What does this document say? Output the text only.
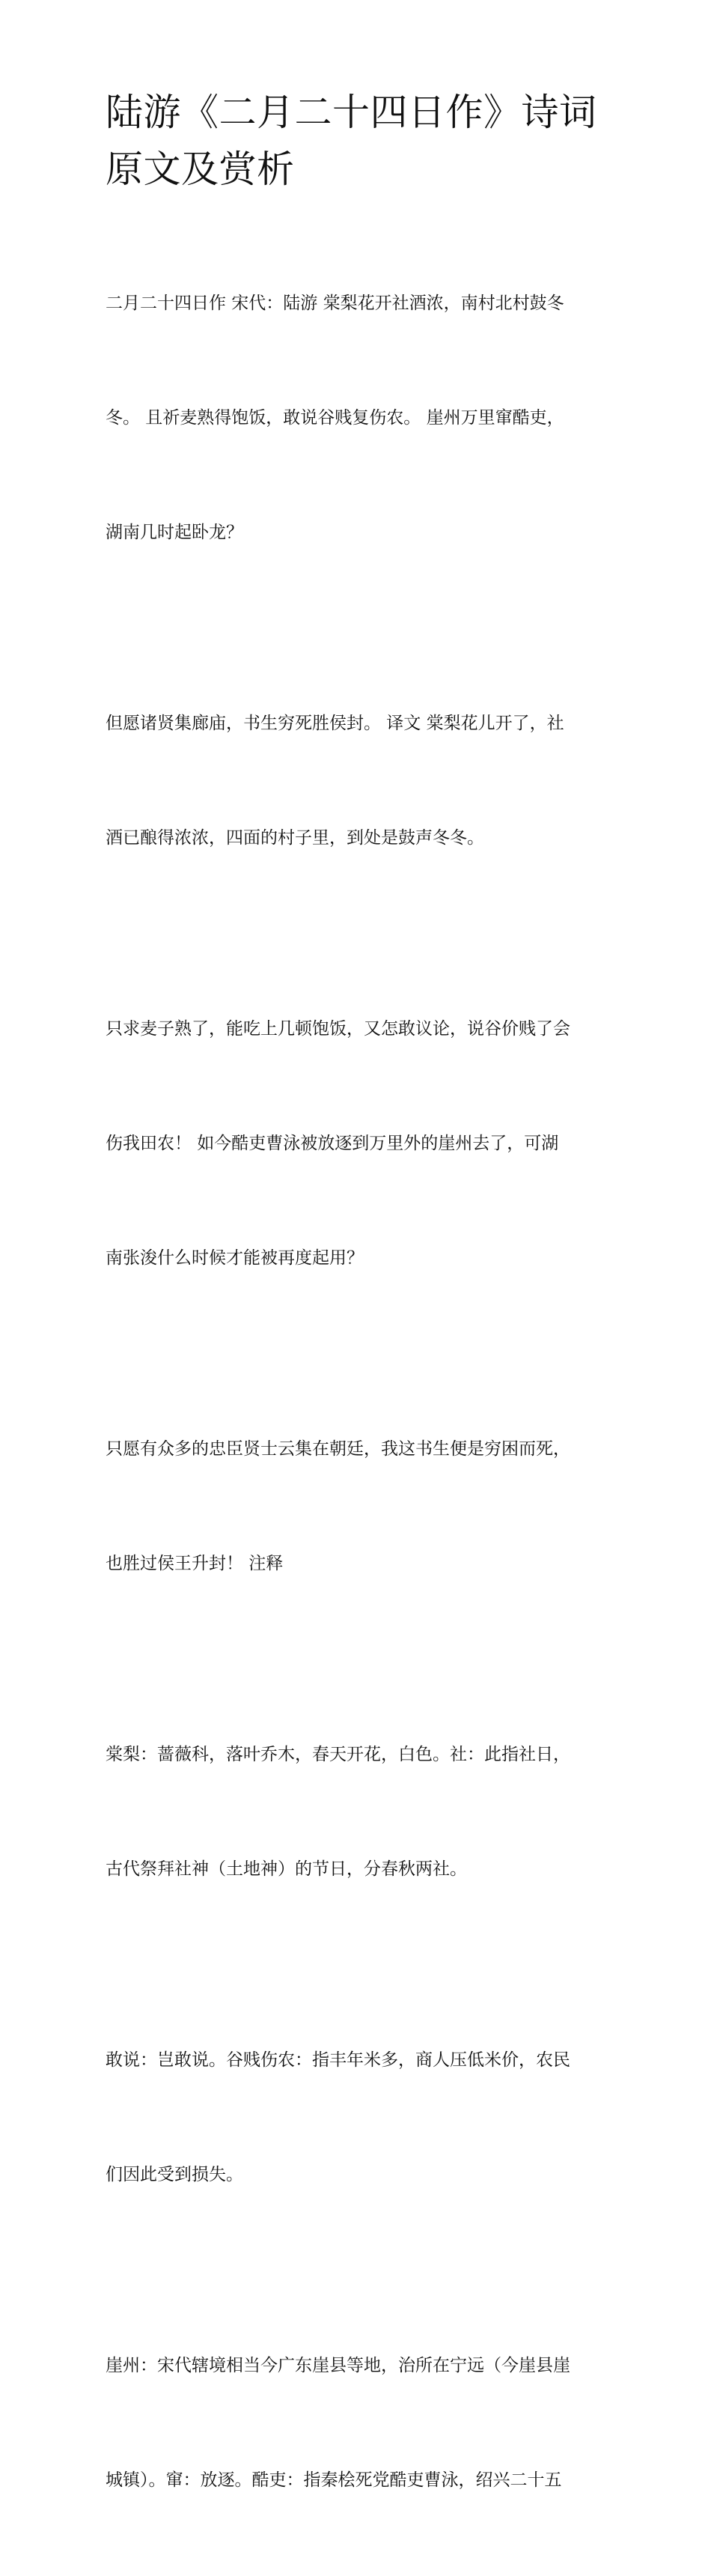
陆游《二月二十四日作》诗词
原文及赏析

二月二十四日作 宋代：陆游 棠梨花开社酒浓，南村北村鼓冬

冬。 且祈麦熟得饱饭，敢说谷贱复伤农。 崖州万里窜酷吏，

湖南几时起卧龙？

但愿诸贤集廊庙，书生穷死胜侯封。 译文 棠梨花儿开了，社

酒已酿得浓浓，四面的村子里，到处是鼓声冬冬。

只求麦子熟了，能吃上几顿饱饭，又怎敢议论，说谷价贱了会

伤我田农！ 如今酷吏曹泳被放逐到万里外的崖州去了，可湖

南张浚什么时候才能被再度起用？

只愿有众多的忠臣贤士云集在朝廷，我这书生便是穷困而死，

也胜过侯王升封！ 注释

棠梨：蔷薇科，落叶乔木，春天开花，白色。社：此指社日，

古代祭拜社神（土地神）的节日，分春秋两社。

敢说：岂敢说。谷贱伤农：指丰年米多，商人压低米价，农民

们因此受到损失。

崖州：宋代辖境相当今广东崖县等地，治所在宁远（今崖县崖

城镇）。窜：放逐。酷吏：指秦桧死党酷吏曹泳，绍兴二十五
